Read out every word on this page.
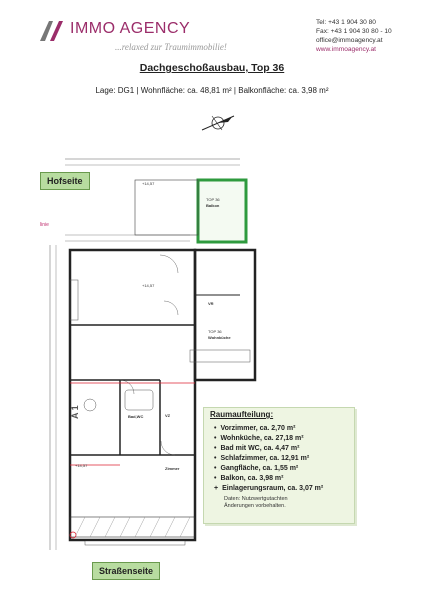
IMMO AGENCY
...relaxed zur Traumimmobilie!
Tel: +43 1 904 30 80
Fax: +43 1 904 30 80 - 10
office@immoagency.at
www.immoagency.at
Dachgeschoßausbau, Top 36
Lage: DG1 | Wohnfläche: ca. 48,81 m² | Balkonfläche: ca. 3,98 m²
Balkon
TOP 36
TOP 36
Wohnküche
Bad,WC
Zimmer
VR
VZ
A 1
+14,57
+14,57
+14,57
Hofseite
linie
Straßenseite
Raumaufteilung:
• Vorzimmer, ca. 2,70 m²
• Wohnküche, ca. 27,18 m²
• Bad mit WC, ca. 4,47 m²
• Schlafzimmer, ca. 12,91 m²
• Gangfläche, ca. 1,55 m²
• Balkon, ca. 3,98 m²
+ Einlagerungsraum, ca. 3,07 m²
Daten: Nutzwertgutachten
Änderungen vorbehalten.
